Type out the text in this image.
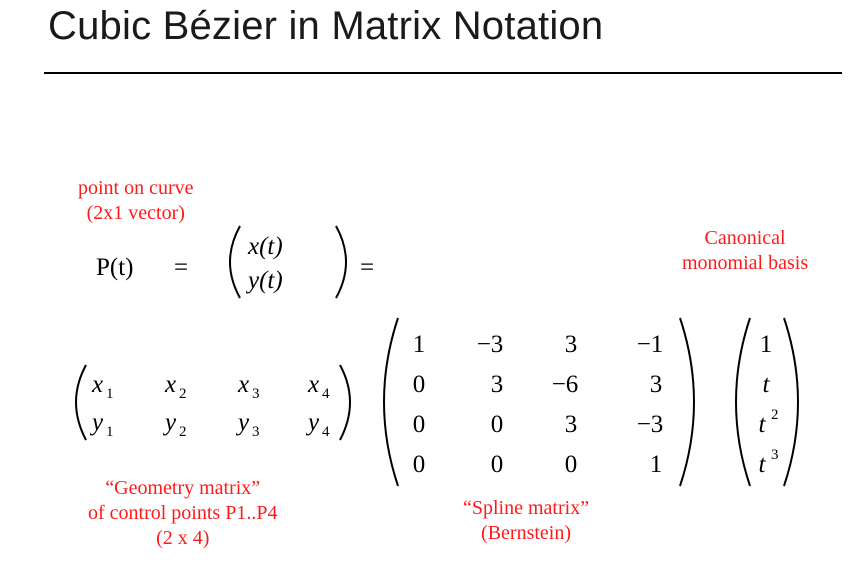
Cubic Bézier in Matrix Notation
point on curve
(2x1 vector)
Canonical
monomial basis
“Geometry matrix”
of control points P1..P4
(2 x 4)
“Spline matrix”
(Bernstein)
P(t) =
x(t)
y(t)	=
x 1 x 2 x 3 x 4
y 1 y 2 y 3 y 4
1 −3 3 −1
0	3 −6	3
0	0 3 −3
0	0 0	1
1
t
t 2
t 3
